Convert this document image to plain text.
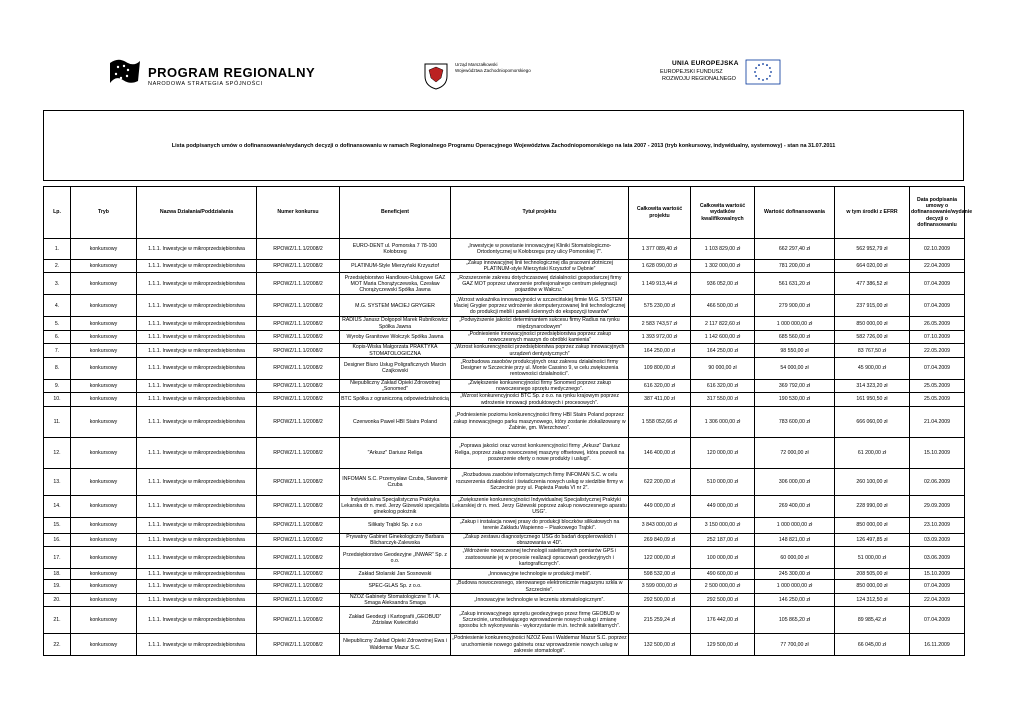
PROGRAM REGIONALNY
NARODOWA STRATEGIA SPÓJNOŚCI
Urząd Marszałkowski
Województwa Zachodniopomorskiego
UNIA EUROPEJSKA
EUROPEJSKI FUNDUSZ
ROZWOJU REGIONALNEGO
Lista podpisanych umów o dofinansowanie/wydanych decyzji o dofinansowaniu w ramach Regionalnego Programu Operacyjnego Województwa Zachodniopomorskiego na lata 2007 - 2013 (tryb konkursowy, indywidualny, systemowy) - stan na 31.07.2011
Lp.	Tryb	Nazwa Działania/Poddziałania	Numer konkursu	Beneficjent	Tytuł projektu	Całkowita wartość projektu	Całkowita wartość wydatków kwalifikowalnych	Wartość dofinansowania	w tym środki z EFRR	Data podpisania umowy o dofinansowanie/wydanie decyzji o dofinansowaniu
1.	konkursowy	1.1.1. Inwestycje w mikroprzedsiębiorstwa	RPOWZ/1.1.1/2008/2	EURO-DENT ul. Pomorska 7 78-100 Kołobrzeg	„Inwestycje w powstanie innowacyjnej Kliniki Stomatologiczno-Ortodontycznej w Kołobrzegu przy ulicy Pomorskiej 7”.	1 377 089,40 zł	1 103 829,00 zł	662 297,40 zł	562 952,79 zł	02.10.2009
2.	konkursowy	1.1.1. Inwestycje w mikroprzedsiębiorstwa	RPOWZ/1.1.1/2008/2	PLATINUM-Style Mierzyński Krzysztof	„Zakup innowacyjnej linii technologicznej dla pracowni złotniczej PLATINUM-style Mierzyński Krzysztof w Dębnie”	1 628 090,00 zł	1 302 000,00 zł	781 200,00 zł	664 020,00 zł	22.04.2009
3.	konkursowy	1.1.1. Inwestycje w mikroprzedsiębiorstwa	RPOWZ/1.1.1/2008/2	Przedsiębiorstwo Handlowo-Usługowe GAZ MOT Maria Chorążyczewska, Czesław Chorążyczewski Spółka Jawna	„Rozszerzenie zakresu dotychczasowej działalności gospodarczej firmy GAZ MOT poprzez utworzenie profesjonalnego centrum pielęgnacji pojazdów w Wałczu.”	1 149 913,44 zł	936 052,00 zł	561 631,20 zł	477 386,52 zł	07.04.2009
4.	konkursowy	1.1.1. Inwestycje w mikroprzedsiębiorstwa	RPOWZ/1.1.1/2008/2	M.G. SYSTEM MACIEJ GRYGIER	„Wzrost wskaźnika innowacyjności w szczecińskiej firmie M.G. SYSTEM Maciej Grygier poprzez wdrożenie skomputeryzowanej linii technologicznej do produkcji mebli i paneli ściennych do ekspozycji towarów”	575 230,00 zł	466 500,00 zł	279 900,00 zł	237 915,00 zł	07.04.2009
5.	konkursowy	1.1.1. Inwestycje w mikroprzedsiębiorstwa	RPOWZ/1.1.1/2008/2	RADIUS Janusz Dołgopoł Marek Rubnikowicz Spółka Jawna	„Podwyższenie jakości determinantem sukcesu firmy Radius na rynku międzynarodowym”	2 583 743,57 zł	2 117 822,60 zł	1 000 000,00 zł	850 000,00 zł	26.05.2009
6.	konkursowy	1.1.1. Inwestycje w mikroprzedsiębiorstwa	RPOWZ/1.1.1/2008/2	Wyroby Granitowe Wołczyk Spółka Jawna	„Podniesienie innowacyjności przedsiębiorstwa poprzez zakup nowoczesnych maszyn do obróbki kamienia”	1 393 972,00 zł	1 142 600,00 zł	685 560,00 zł	582 726,00 zł	07.10.2009
7.	konkursowy	1.1.1. Inwestycje w mikroprzedsiębiorstwa	RPOWZ/1.1.1/2008/2	Kopis-Wiska Małgorzata PRAKTYKA STOMATOLOGICZNA	„Wzrost konkurencyjności przedsiębiorstwa poprzez zakup innowacyjnych urządzeń dentystycznych”	164 250,00 zł	164 250,00 zł	98 550,00 zł	83 767,50 zł	22.05.2009
8.	konkursowy	1.1.1. Inwestycje w mikroprzedsiębiorstwa	RPOWZ/1.1.1/2008/2	Designer Biuro Usług Poligraficznych Marcin Czajkowski	„Rozbudowa zasobów produkcyjnych oraz zakresu działalności firmy Designer w Szczecinie przy ul. Monte Cassino 9, w celu zwiększenia rentowności działalności”.	109 800,00 zł	90 000,00 zł	54 000,00 zł	45 900,00 zł	07.04.2009
9.	konkursowy	1.1.1. Inwestycje w mikroprzedsiębiorstwa	RPOWZ/1.1.1/2008/2	Niepubliczny Zakład Opieki Zdrowotnej „Sonomed”	„Zwiększenie konkurencyjności firmy Sonomed poprzez zakup nowoczesnego sprzętu medycznego”.	616 320,00 zł	616 320,00 zł	369 792,00 zł	314 323,20 zł	25.05.2009
10.	konkursowy	1.1.1. Inwestycje w mikroprzedsiębiorstwa	RPOWZ/1.1.1/2008/2	BTC Spółka z ograniczoną odpowiedzialnością	„Wzrost konkurencyjności BTC Sp. z o.o. na rynku krajowym poprzez wdrożenie innowacji produktowych i procesowych”.	387 411,00 zł	317 550,00 zł	190 530,00 zł	161 950,50 zł	25.05.2009
11.	konkursowy	1.1.1. Inwestycje w mikroprzedsiębiorstwa	RPOWZ/1.1.1/2008/2	Czerwonka Paweł HBI Stairs Poland	„Podniesienie poziomu konkurencyjności firmy HBI Stairs Poland poprzez zakup innowacyjnego parku maszynowego, który zostanie zlokalizowany w Żabinie, gm. Wierzchowo”.	1 558 052,66 zł	1 306 000,00 zł	783 600,00 zł	666 060,00 zł	21.04.2009
12.	konkursowy	1.1.1. Inwestycje w mikroprzedsiębiorstwa	RPOWZ/1.1.1/2008/2	"Arkusz" Dariusz Religa	„Poprawa jakości oraz wzrost konkurencyjności firmy „Arkusz” Dariusz Religa, poprzez zakup nowoczesnej maszyny offsetowej, która pozwoli na poszerzenie oferty o nowe produkty i usługi”.	146 400,00 zł	120 000,00 zł	72 000,00 zł	61 200,00 zł	15.10.2009
13.	konkursowy	1.1.1. Inwestycje w mikroprzedsiębiorstwa	RPOWZ/1.1.1/2008/2	INFOMAN S.C. Przemysław Czuba, Sławomir Czuba	„Rozbudowa zasobów informatycznych firmy INFOMAN S.C. w celu rozszerzenia działalności i świadczenia nowych usług w siedzibie firmy w Szczecinie przy ul. Papieża Pawła VI nr 2”.	622 200,00 zł	510 000,00 zł	306 000,00 zł	260 100,00 zł	02.06.2009
14.	konkursowy	1.1.1. Inwestycje w mikroprzedsiębiorstwa	RPOWZ/1.1.1/2008/2	Indywidualna Specjalistyczna Praktyka Lekarska dr n. med. Jerzy Giżewski specjalista ginekolog położnik	„Zwiększenie konkurencyjności Indywidualnej Specjalistycznej Praktyki Lekarskiej dr n. med. Jerzy Giżewski poprzez zakup nowoczesnego aparatu USG”.	449 000,00 zł	449 000,00 zł	269 400,00 zł	228 990,00 zł	29.09.2009
15.	konkursowy	1.1.1. Inwestycje w mikroprzedsiębiorstwa	RPOWZ/1.1.1/2008/2	Silikaty Trąbki Sp. z o.o	„Zakup i instalacja nowej prasy do produkcji bloczków silikatowych na terenie Zakładu Wapienno – Piaskowego Trąbki”.	3 843 000,00 zł	3 150 000,00 zł	1 000 000,00 zł	850 000,00 zł	23.10.2009
16.	konkursowy	1.1.1. Inwestycje w mikroprzedsiębiorstwa	RPOWZ/1.1.1/2008/2	Prywatny Gabinet Ginekologiczny Barbara Blicharczyk-Zalewska	„Zakup zestawu diagnostycznego USG do badań dopplerowskich i obrazowania w 4D”.	269 840,09 zł	252 187,00 zł	148 821,00 zł	126 497,85 zł	03.09.2009
17.	konkursowy	1.1.1. Inwestycje w mikroprzedsiębiorstwa	RPOWZ/1.1.1/2008/2	Przedsiębiorstwo Geodezyjne „INWAR” Sp. z o.o.	„Wdrożenie nowoczesnej technologii satelitarnych pomiarów GPS i zastosowanie jej w procesie realizacji opracowań geodezyjnych i kartograficznych”.	122 000,00 zł	100 000,00 zł	60 000,00 zł	51 000,00 zł	03.06.2009
18.	konkursowy	1.1.1. Inwestycje w mikroprzedsiębiorstwa	RPOWZ/1.1.1/2008/2	Zakład Stolarski Jan Sosnowski	„Innowacyjne technologie w produkcji mebli”.	598 532,00 zł	490 600,00 zł	245 300,00 zł	208 505,00 zł	15.10.2009
19.	konkursowy	1.1.1. Inwestycje w mikroprzedsiębiorstwa	RPOWZ/1.1.1/2008/2	SPEC-GLAS Sp. z o.o.	„Budowa nowoczesnego, sterowanego elektronicznie magazynu szkła w Szczecinie”.	3 599 000,00 zł	2 500 000,00 zł	1 000 000,00 zł	850 000,00 zł	07.04.2009
20.	konkursowy	1.1.1. Inwestycje w mikroprzedsiębiorstwa	RPOWZ/1.1.1/2008/2	NZOZ Gabinety Stomatologiczne T. i A. Smaga Aleksandra Smaga	„Innowacyjne technologie w leczeniu stomatologicznym”.	292 500,00 zł	292 500,00 zł	146 250,00 zł	124 312,50 zł	22.04.2009
21.	konkursowy	1.1.1. Inwestycje w mikroprzedsiębiorstwa	RPOWZ/1.1.1/2008/2	Zakład Geodezji i Kartografii „GEOBUD” Zdzisław Kwieciński	„Zakup innowacyjnego sprzętu geodezyjnego przez firmę GEOBUD w Szczecinie, umożliwiającego wprowadzenie nowych usług i zmianę sposobu ich wykonywania - wykorzystanie m.in. technik satelitarnych”.	215 259,24 zł	176 442,00 zł	105 865,20 zł	89 985,42 zł	07.04.2009
22.	konkursowy	1.1.1. Inwestycje w mikroprzedsiębiorstwa	RPOWZ/1.1.1/2008/2	Niepubliczny Zakład Opieki Zdrowotnej Ewa i Waldemar Mazur S.C.	„Podniesienie konkurencyjności NZOZ Ewa i Waldemar Mazur S.C. poprzez uruchomienie nowego gabinetu oraz wprowadzenie nowych usług w zakresie stomatologii”.	132 500,00 zł	129 500,00 zł	77 700,00 zł	66 045,00 zł	16.11.2009
